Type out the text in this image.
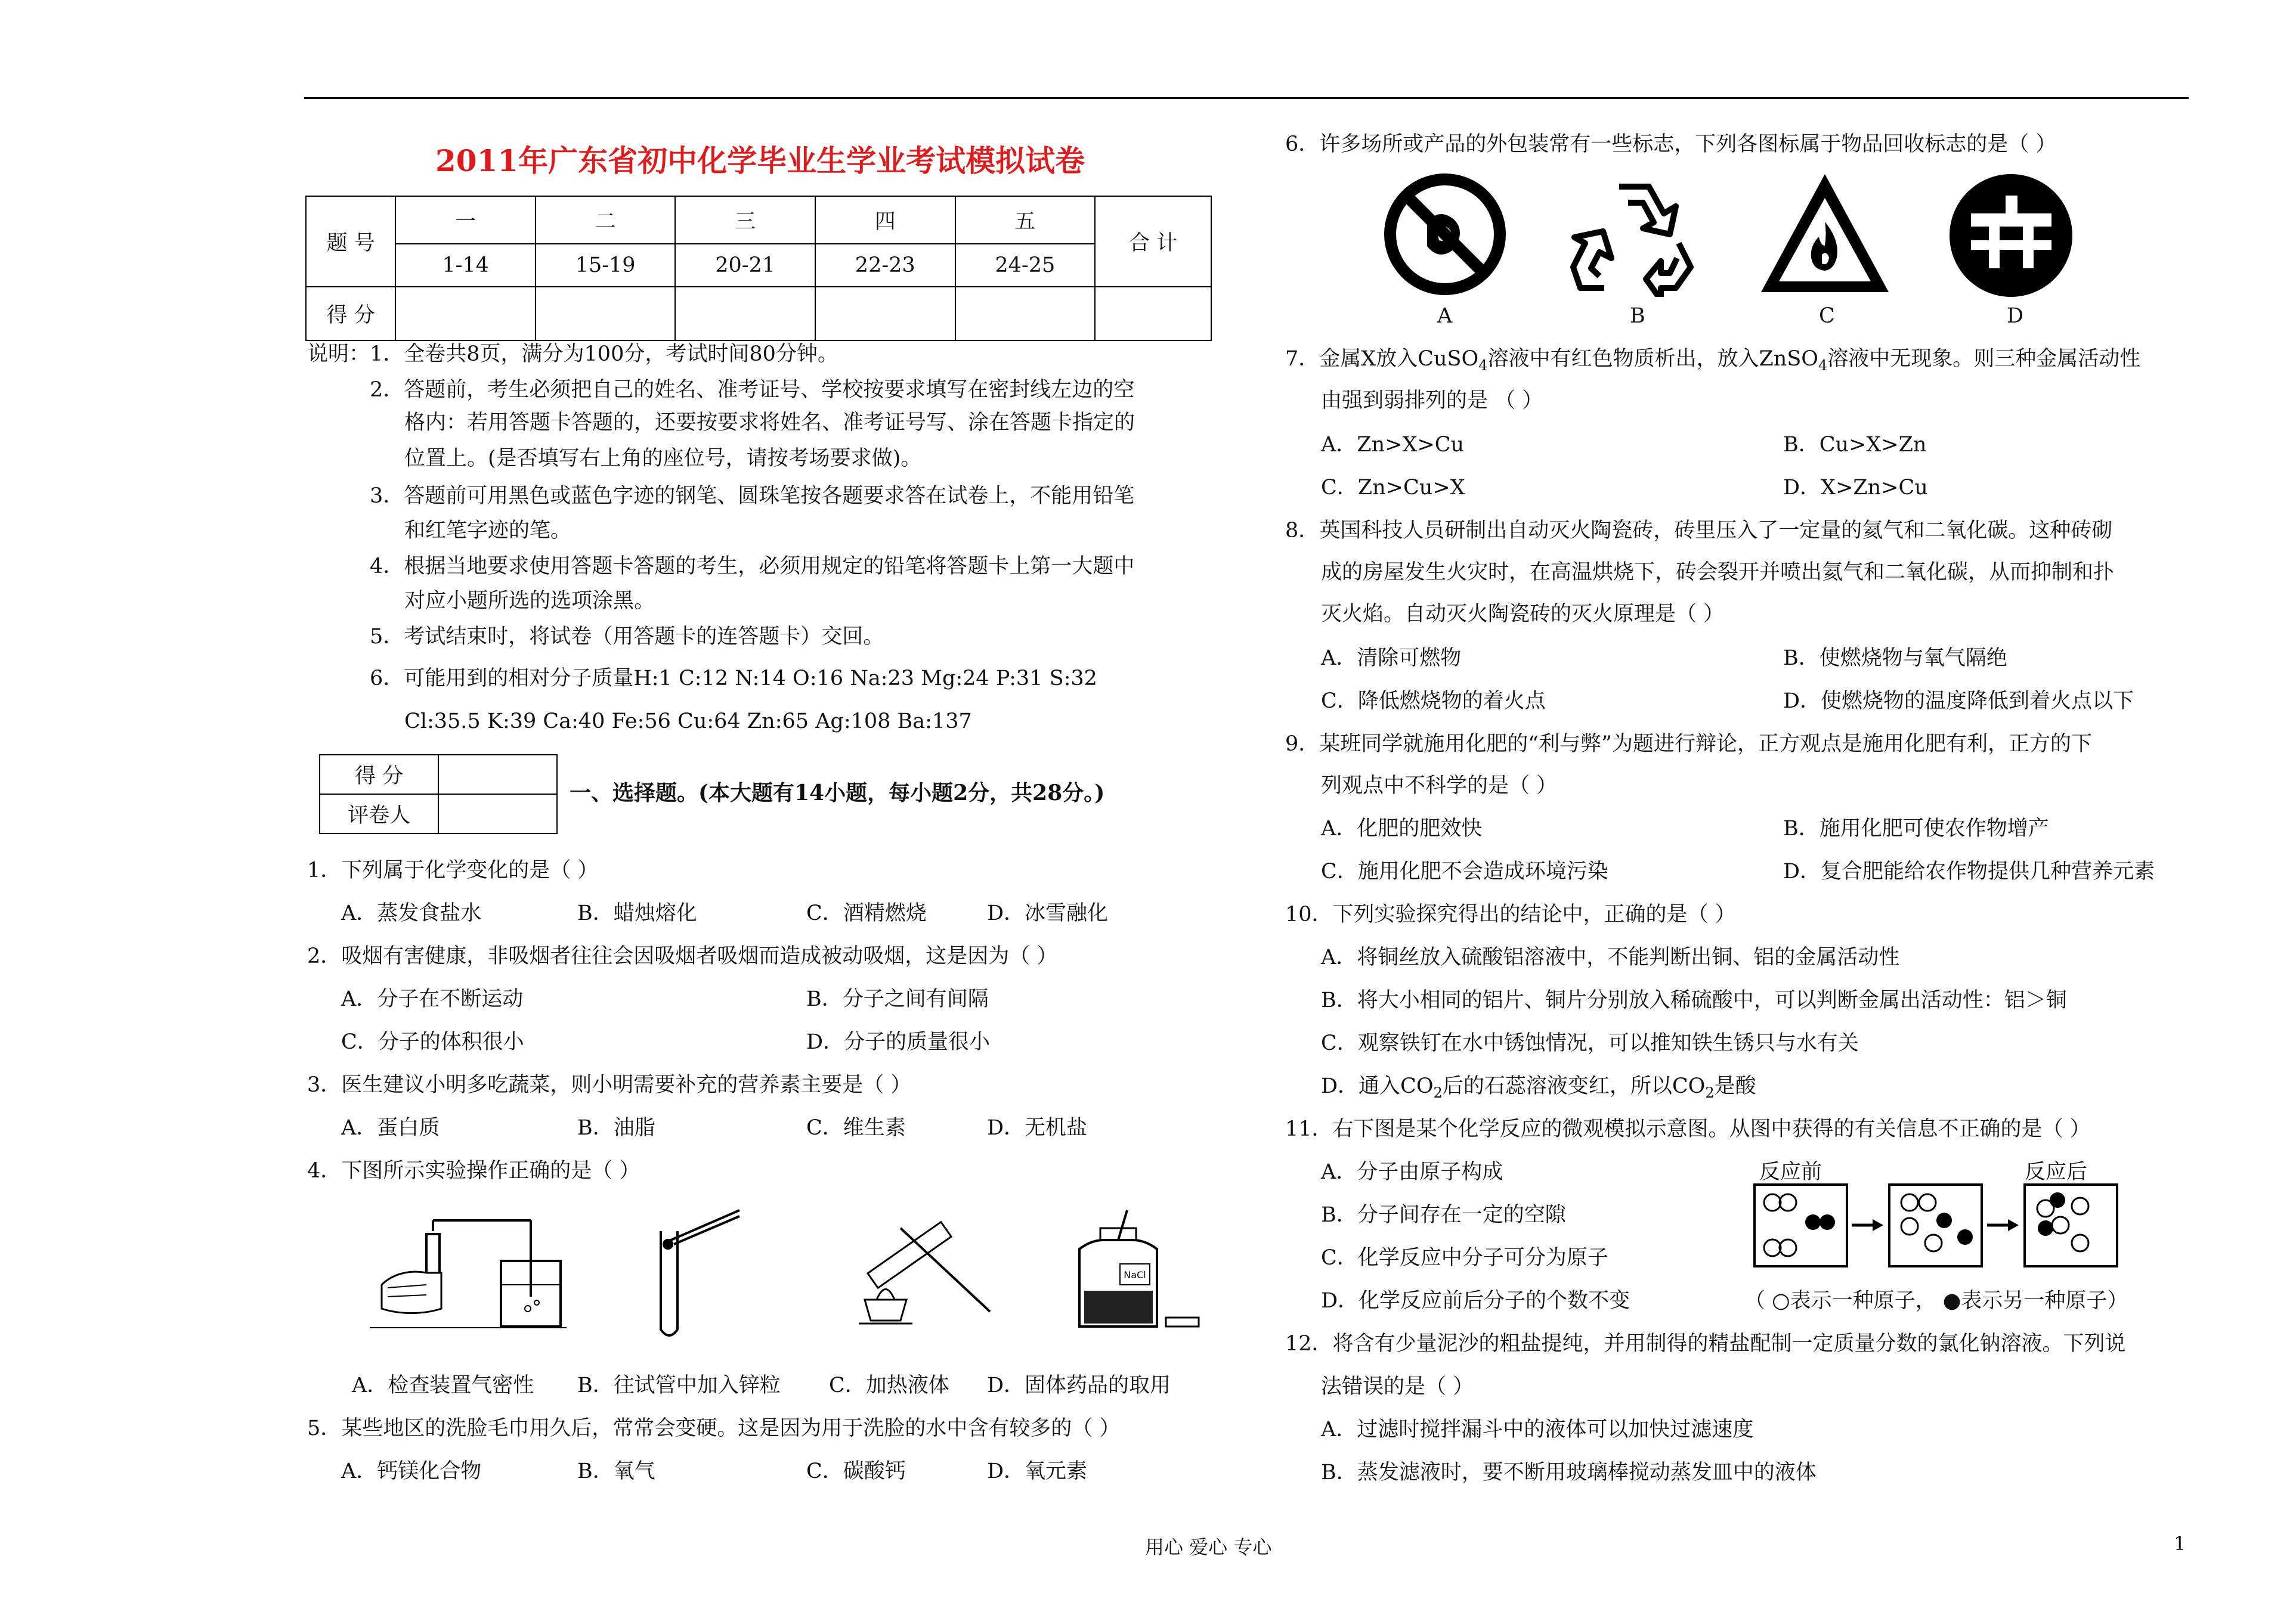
2011年广东省初中化学毕业生学业考试模拟试卷
题 号	一	二	三	四	五	合 计
	1-14	15-19	20-21	22-23	24-25	
得 分						
说明： 1．全卷共8页，满分为100分，考试时间80分钟。
2．答题前，考生必须把自己的姓名、准考证号、学校按要求填写在密封线左边的空
格内：若用答题卡答题的，还要按要求将姓名、准考证号写、涂在答题卡指定的
位置上。(是否填写右上角的座位号，请按考场要求做)。
3．答题前可用黑色或蓝色字迹的钢笔、圆珠笔按各题要求答在试卷上，不能用铅笔
和红笔字迹的笔。
4．根据当地要求使用答题卡答题的考生，必须用规定的铅笔将答题卡上第一大题中
对应小题所选的选项涂黑。
5．考试结束时，将试卷（用答题卡的连答题卡）交回。
6．可能用到的相对分子质量H:1 C:12 N:14 O:16 Na:23 Mg:24 P:31 S:32
Cl:35.5 K:39 Ca:40 Fe:56 Cu:64 Zn:65 Ag:108 Ba:137
得 分	
评卷人	
一、选择题。(本大题有14小题，每小题2分，共28分。)
1．下列属于化学变化的是（ ）
A．蒸发食盐水	B．蜡烛熔化	C．酒精燃烧	D．冰雪融化
2．吸烟有害健康，非吸烟者往往会因吸烟者吸烟而造成被动吸烟，这是因为（ ）
A．分子在不断运动	B．分子之间有间隔
C．分子的体积很小	D．分子的质量很小
3．医生建议小明多吃蔬菜，则小明需要补充的营养素主要是（ ）
A．蛋白质	B．油脂	C．维生素	D．无机盐
4．下图所示实验操作正确的是（ ）
NaCl
A．检查装置气密性 B．往试管中加入锌粒 C．加热液体 D．固体药品的取用
5．某些地区的洗脸毛巾用久后，常常会变硬。这是因为用于洗脸的水中含有较多的（ ）
A．钙镁化合物	B．氧气	C．碳酸钙	D．氧元素
6．许多场所或产品的外包装常有一些标志，下列各图标属于物品回收标志的是（ ）
A	B	C	D
7．金属X放入CuSO$_4$溶液中有红色物质析出，放入ZnSO$_4$溶液中无现象。则三种金属活动性
由强到弱排列的是 （ ）
A．Zn>X>Cu	B．Cu>X>Zn
C．Zn>Cu>X	D．X>Zn>Cu
8．英国科技人员研制出自动灭火陶瓷砖，砖里压入了一定量的氦气和二氧化碳。这种砖砌
成的房屋发生火灾时，在高温烘烧下，砖会裂开并喷出氦气和二氧化碳，从而抑制和扑
灭火焰。自动灭火陶瓷砖的灭火原理是（ ）
A．清除可燃物	B．使燃烧物与氧气隔绝
C．降低燃烧物的着火点	D．使燃烧物的温度降低到着火点以下
9．某班同学就施用化肥的“利与弊”为题进行辩论，正方观点是施用化肥有利，正方的下
列观点中不科学的是（ ）
A．化肥的肥效快	B．施用化肥可使农作物增产
C．施用化肥不会造成环境污染	D．复合肥能给农作物提供几种营养元素
10．下列实验探究得出的结论中，正确的是（ ）
A．将铜丝放入硫酸铝溶液中，不能判断出铜、铝的金属活动性
B．将大小相同的铝片、铜片分别放入稀硫酸中，可以判断金属出活动性：铝＞铜
C．观察铁钉在水中锈蚀情况，可以推知铁生锈只与水有关
D．通入$CO_2$后的石蕊溶液变红，所以$CO_2$是酸
11．右下图是某个化学反应的微观模拟示意图。从图中获得的有关信息不正确的是（ ）
A．分子由原子构成
B．分子间存在一定的空隙
C．化学反应中分子可分为原子
D．化学反应前后分子的个数不变
反应前	反应后
（ ○表示一种原子， ●表示另一种原子）
12．将含有少量泥沙的粗盐提纯，并用制得的精盐配制一定质量分数的氯化钠溶液。下列说
法错误的是（ ）
A．过滤时搅拌漏斗中的液体可以加快过滤速度
B．蒸发滤液时，要不断用玻璃棒搅动蒸发皿中的液体
用心 爱心 专心	1
